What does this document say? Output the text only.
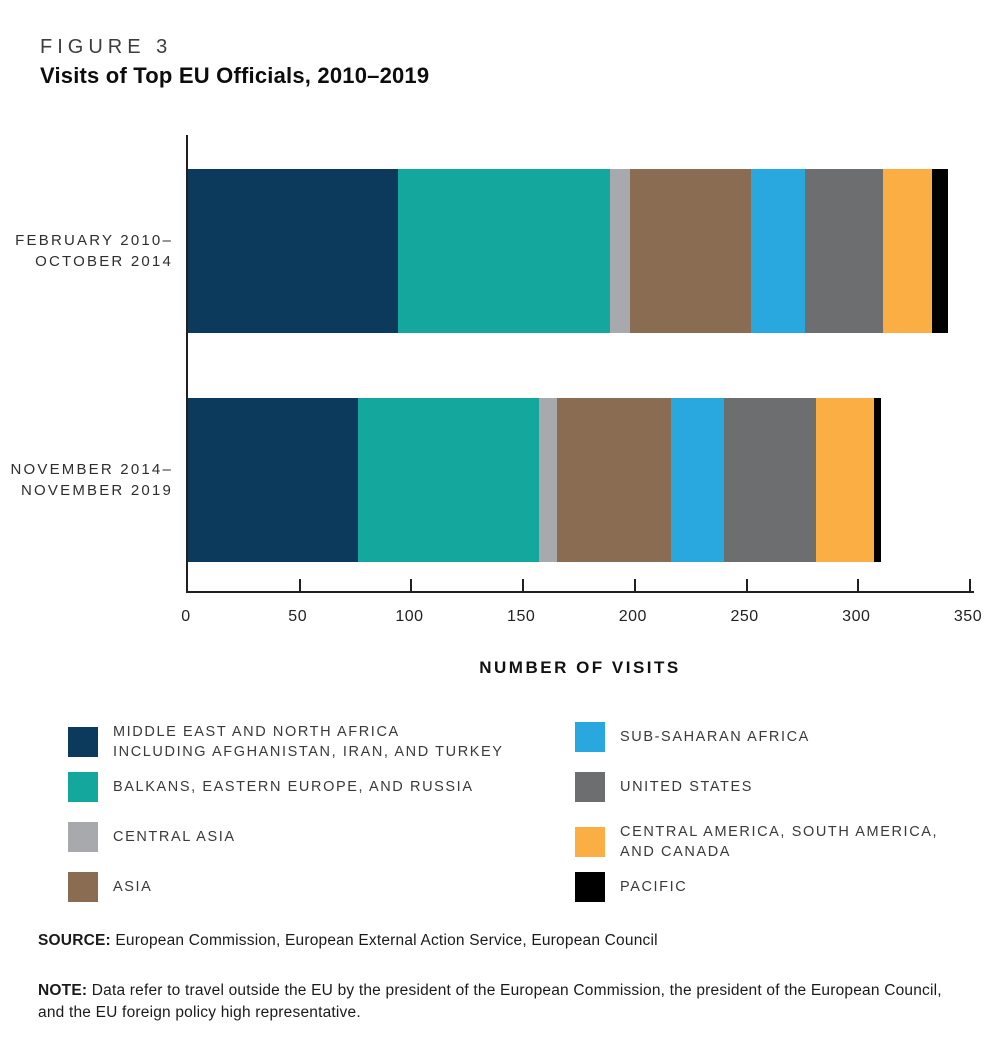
FIGURE 3
Visits of Top EU Officials, 2010–2019
0	50	100	150	200	250	300	350
FEBRUARY 2010–
OCTOBER 2014
NOVEMBER 2014–
NOVEMBER 2019
NUMBER OF VISITS
MIDDLE EAST AND NORTH AFRICA
INCLUDING AFGHANISTAN, IRAN, AND TURKEY
BALKANS, EASTERN EUROPE, AND RUSSIA
CENTRAL ASIA
ASIA
SUB-SAHARAN AFRICA
UNITED STATES
CENTRAL AMERICA, SOUTH AMERICA,
AND CANADA
PACIFIC
SOURCE: European Commission, European External Action Service, European Council
NOTE: Data refer to travel outside the EU by the president of the European Commission, the president of the European Council, and the EU foreign policy high representative.
